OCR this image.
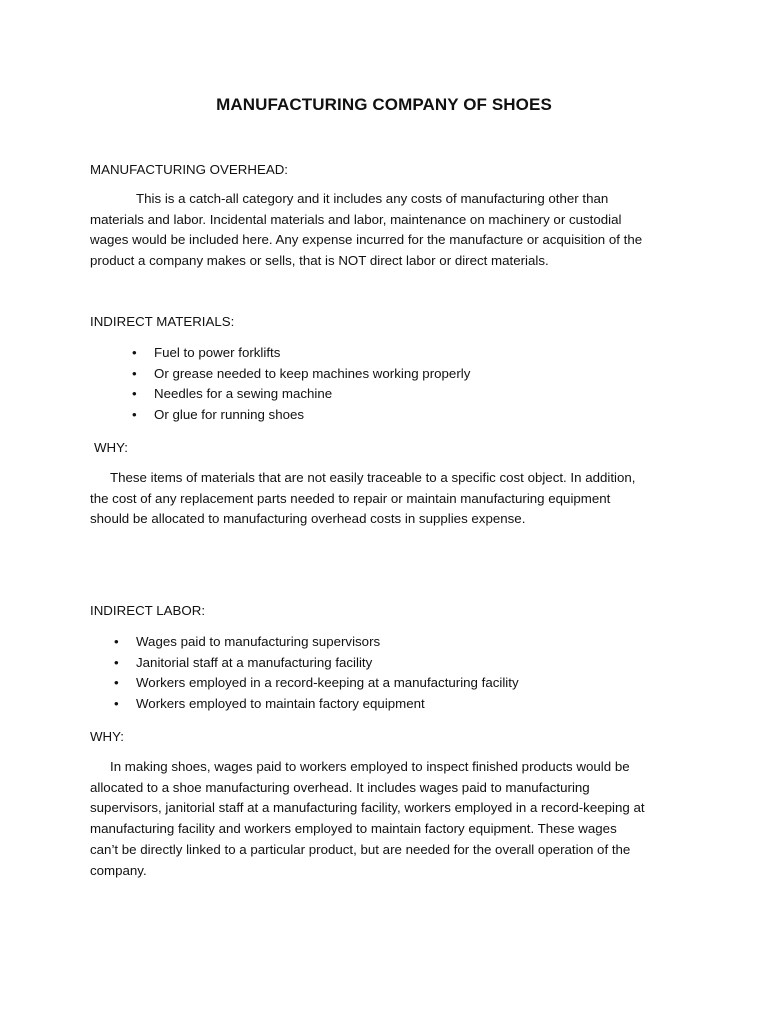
MANUFACTURING COMPANY OF SHOES
MANUFACTURING OVERHEAD:
This is a catch-all category and it includes any costs of manufacturing other than
materials and labor. Incidental materials and labor, maintenance on machinery or custodial
wages would be included here. Any expense incurred for the manufacture or acquisition of the
product a company makes or sells, that is NOT direct labor or direct materials.
INDIRECT MATERIALS:
• Fuel to power forklifts
• Or grease needed to keep machines working properly
• Needles for a sewing machine
• Or glue for running shoes
WHY:
These items of materials that are not easily traceable to a specific cost object. In addition,
the cost of any replacement parts needed to repair or maintain manufacturing equipment
should be allocated to manufacturing overhead costs in supplies expense.
INDIRECT LABOR:
• Wages paid to manufacturing supervisors
• Janitorial staff at a manufacturing facility
• Workers employed in a record-keeping at a manufacturing facility
• Workers employed to maintain factory equipment
WHY:
In making shoes, wages paid to workers employed to inspect finished products would be
allocated to a shoe manufacturing overhead. It includes wages paid to manufacturing
supervisors, janitorial staff at a manufacturing facility, workers employed in a record-keeping at
manufacturing facility and workers employed to maintain factory equipment. These wages
can’t be directly linked to a particular product, but are needed for the overall operation of the
company.
